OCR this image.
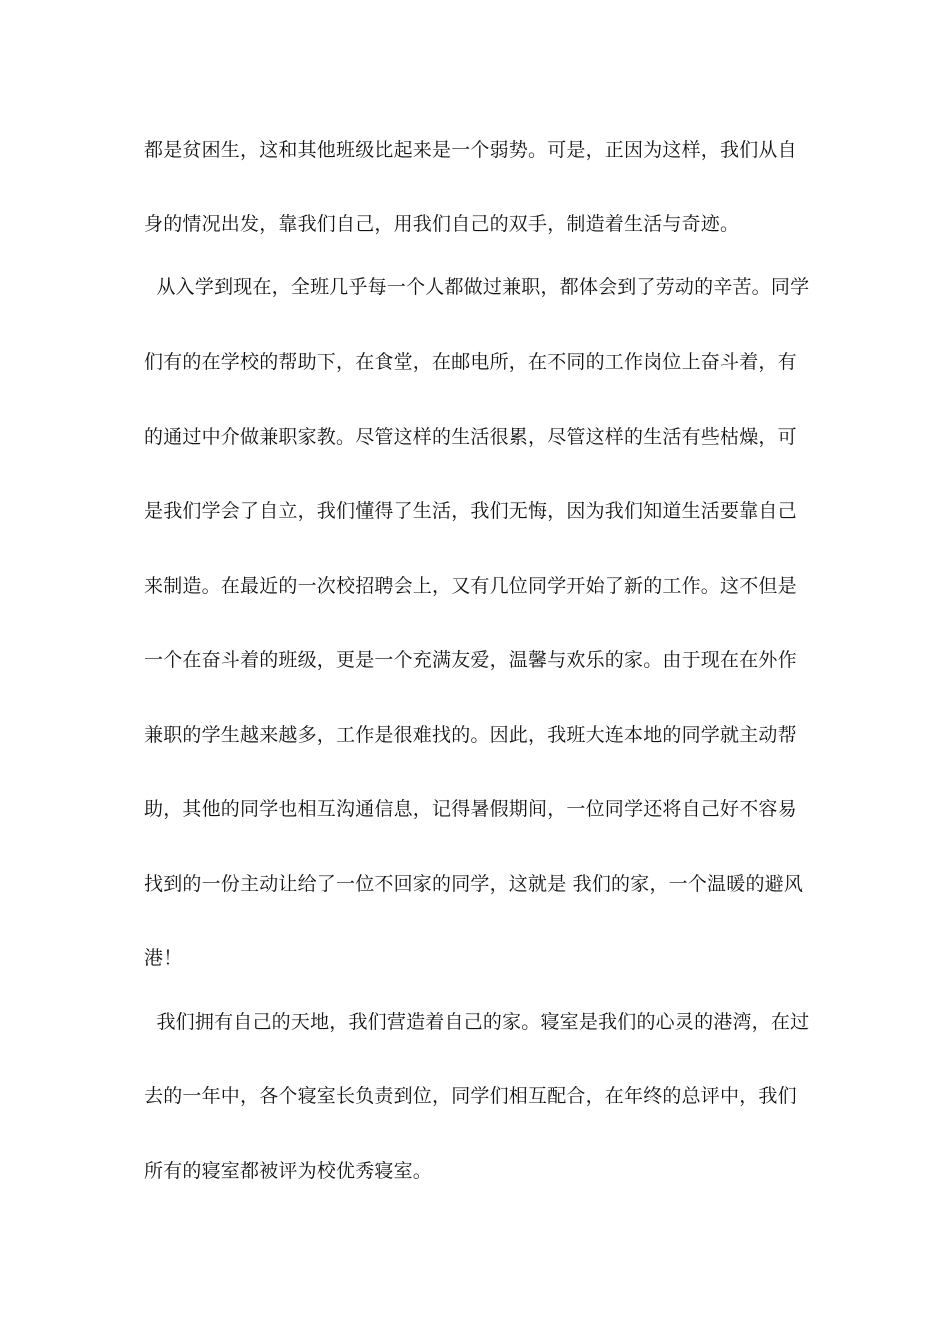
都是贫困生，这和其他班级比起来是一个弱势。可是，正因为这样，我们从自
身的情况出发，靠我们自己，用我们自己的双手，制造着生活与奇迹。
从入学到现在，全班几乎每一个人都做过兼职，都体会到了劳动的辛苦。同学
们有的在学校的帮助下，在食堂，在邮电所，在不同的工作岗位上奋斗着，有
的通过中介做兼职家教。尽管这样的生活很累，尽管这样的生活有些枯燥，可
是我们学会了自立，我们懂得了生活，我们无悔，因为我们知道生活要靠自己
来制造。在最近的一次校招聘会上，又有几位同学开始了新的工作。这不但是
一个在奋斗着的班级，更是一个充满友爱，温馨与欢乐的家。由于现在在外作
兼职的学生越来越多，工作是很难找的。因此，我班大连本地的同学就主动帮
助，其他的同学也相互沟通信息，记得暑假期间，一位同学还将自己好不容易
找到的一份主动让给了一位不回家的同学，这就是 我们的家，一个温暖的避风
港！
我们拥有自己的天地，我们营造着自己的家。寝室是我们的心灵的港湾，在过
去的一年中，各个寝室长负责到位，同学们相互配合，在年终的总评中，我们
所有的寝室都被评为校优秀寝室。
